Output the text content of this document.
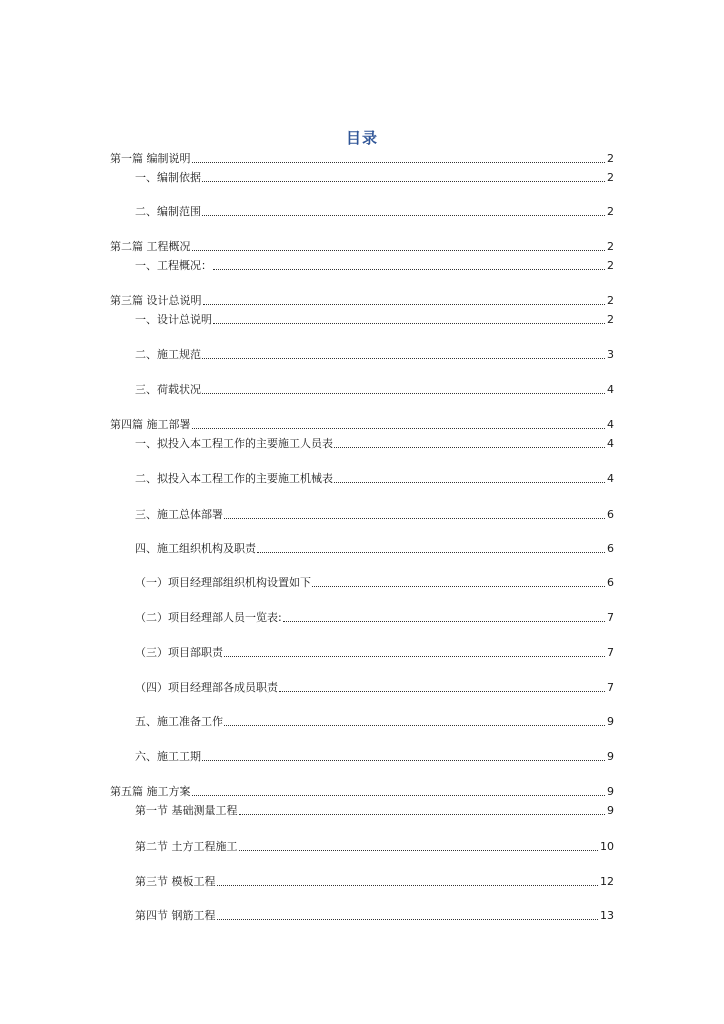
目录
第一篇 编制说明	2
一、编制依据	2
二、编制范围	2
第二篇 工程概况	2
一、工程概况：	2
第三篇 设计总说明	2
一、设计总说明	2
二、施工规范	3
三、荷载状况	4
第四篇 施工部署	4
一、拟投入本工程工作的主要施工人员表	4
二、拟投入本工程工作的主要施工机械表	4
三、施工总体部署	6
四、施工组织机构及职责	6
（一）项目经理部组织机构设置如下	6
（二）项目经理部人员一览表:	7
（三）项目部职责	7
（四）项目经理部各成员职责	7
五、施工准备工作	9
六、施工工期	9
第五篇 施工方案	9
第一节 基础测量工程	9
第二节 土方工程施工	10
第三节 模板工程	12
第四节 钢筋工程	13
